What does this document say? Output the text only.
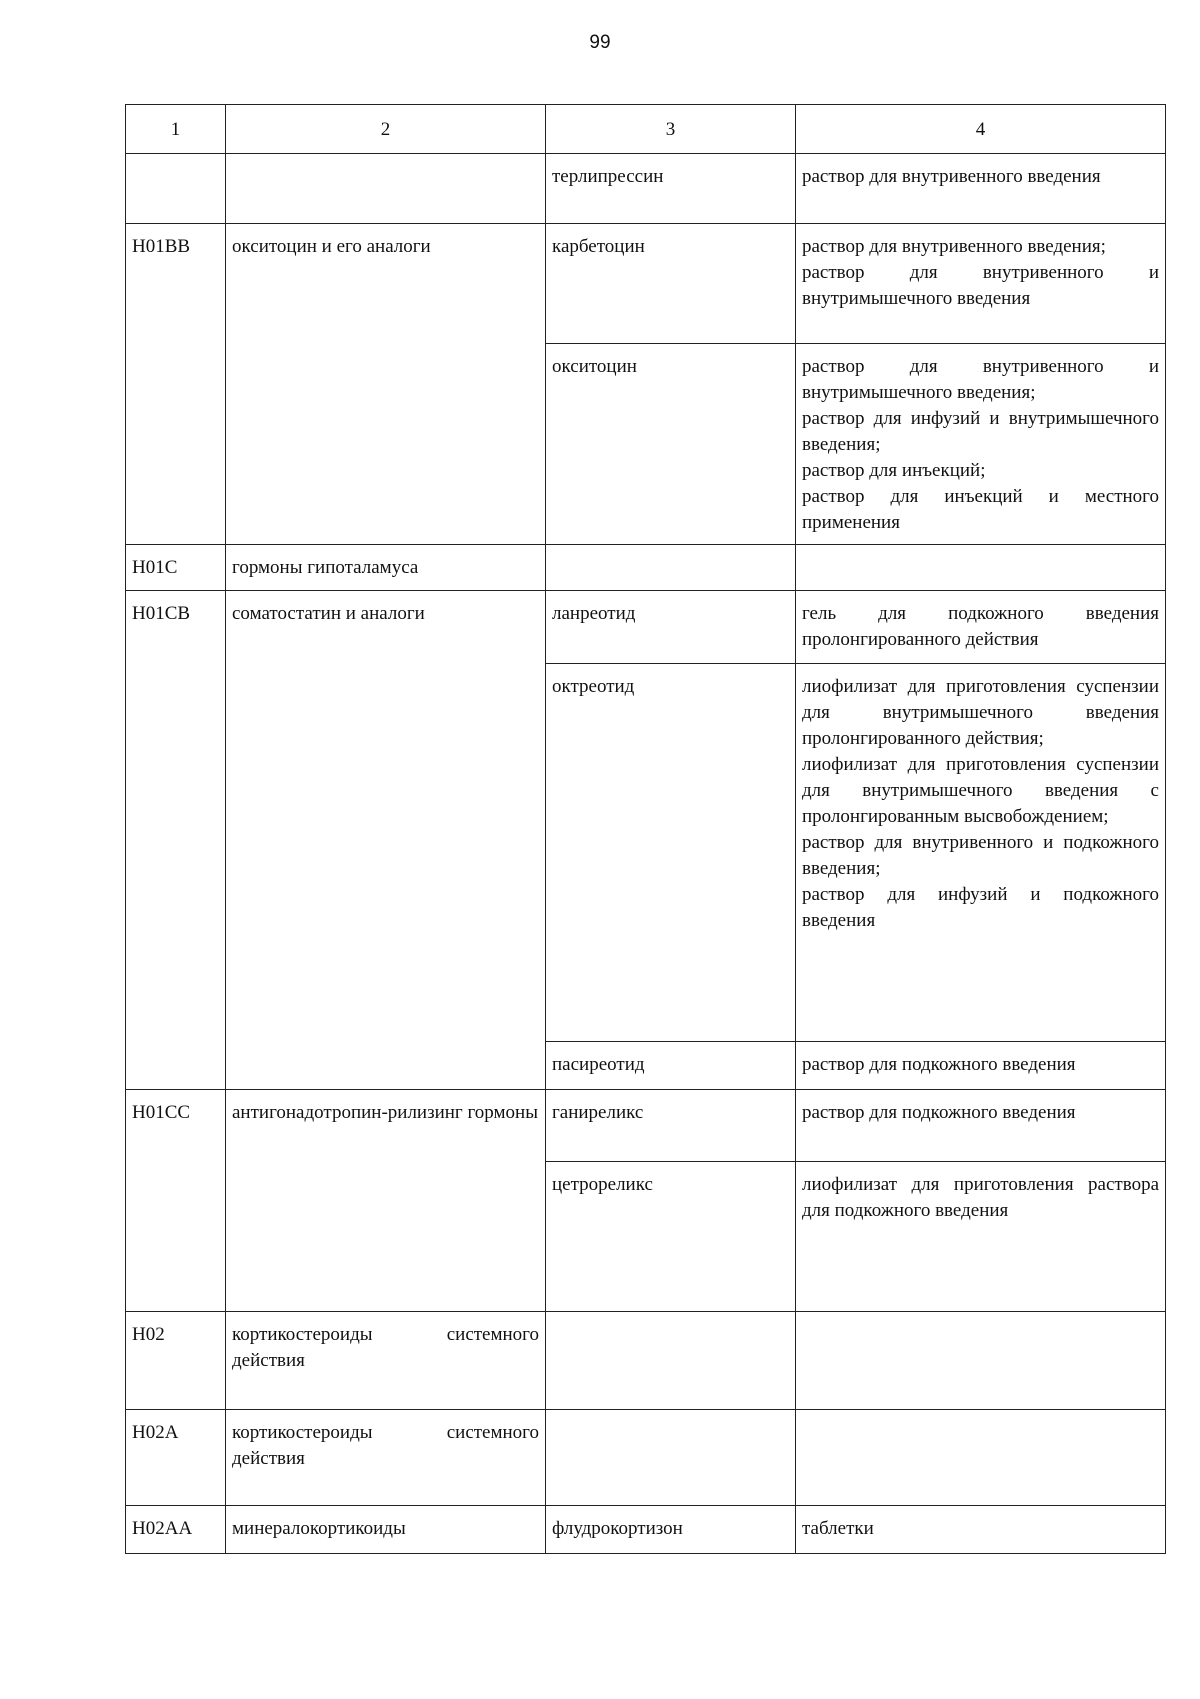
99
1	2	3	4
		терлипрессин	раствор для внутривенного введения

H01BB	окситоцин и его аналоги	карбетоцин	раствор для внутривенного введения;
раствор для внутривенного и внутримышечного введения

		окситоцин	раствор для внутривенного и внутримышечного введения;
раствор для инфузий и внутримышечного введения;
раствор для инъекций;
раствор для инъекций и местного применения

H01C	гормоны гипоталамуса		
H01CB	соматостатин и аналоги	ланреотид	гель для подкожного введения пролонгированного действия

		октреотид	лиофилизат для приготовления суспензии для внутримышечного введения пролонгированного действия;
лиофилизат для приготовления суспензии для внутримышечного введения с пролонгированным высвобождением;
раствор для внутривенного и подкожного введения;
раствор для инфузий и подкожного введения

		пасиреотид	раствор для подкожного введения

H01CC	антигонадотропин-рилизинг гормоны	ганиреликс	раствор для подкожного введения

		цетрореликс	лиофилизат для приготовления раствора для подкожного введения

H02	кортикостероиды системного действия		
H02A	кортикостероиды системного действия		
H02AA	минералокортикоиды	флудрокортизон	таблетки
